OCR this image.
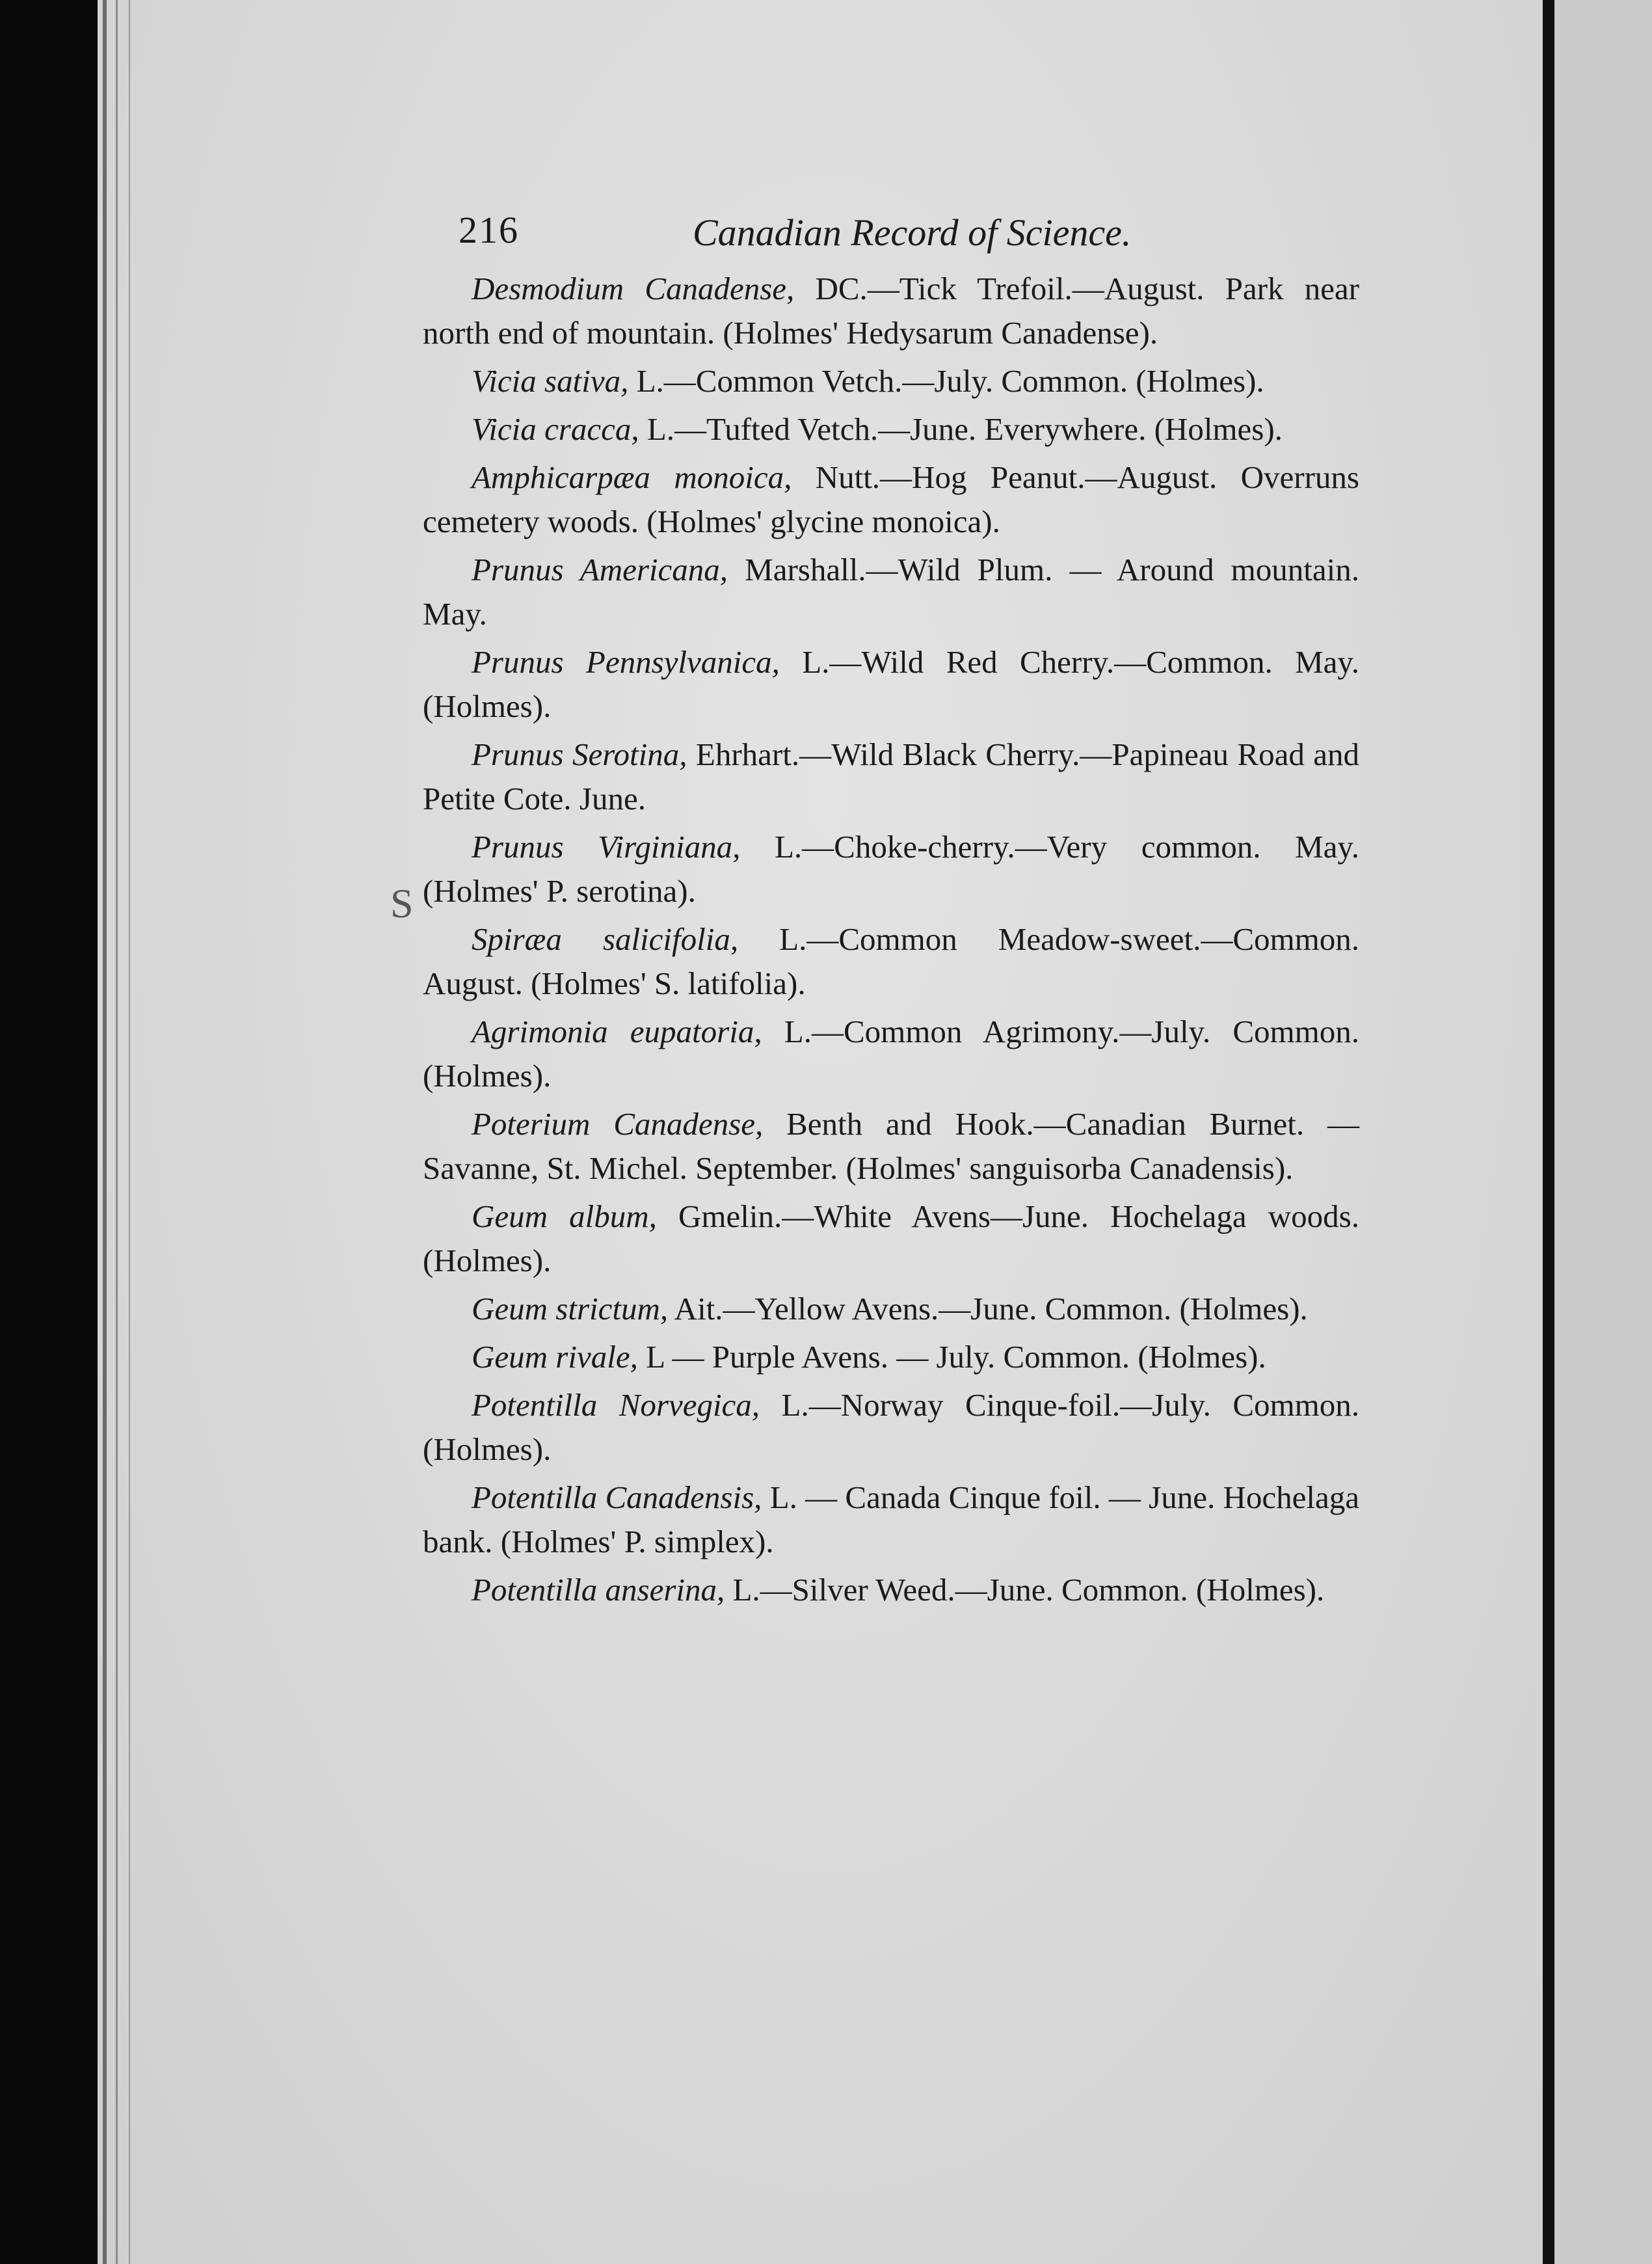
S
216	Canadian Record of Science.

Desmodium Canadense, DC.—Tick Trefoil.—August. Park near north end of mountain. (Holmes' Hedysarum Canadense).

Vicia sativa, L.—Common Vetch.—July. Common. (Holmes).

Vicia cracca, L.—Tufted Vetch.—June. Everywhere. (Holmes).

Amphicarpæa monoica, Nutt.—Hog Peanut.—August. Overruns cemetery woods. (Holmes' glycine monoica).

Prunus Americana, Marshall.—Wild Plum. — Around mountain. May.

Prunus Pennsylvanica, L.—Wild Red Cherry.—Common. May. (Holmes).

Prunus Serotina, Ehrhart.—Wild Black Cherry.—Papineau Road and Petite Cote. June.

Prunus Virginiana, L.—Choke-cherry.—Very common. May. (Holmes' P. serotina).

Spiræa salicifolia, L.—Common Meadow-sweet.—Common. August. (Holmes' S. latifolia).

Agrimonia eupatoria, L.—Common Agrimony.—July. Common. (Holmes).

Poterium Canadense, Benth and Hook.—Canadian Burnet. —Savanne, St. Michel. September. (Holmes' sanguisorba Canadensis).

Geum album, Gmelin.—White Avens—June. Hochelaga woods. (Holmes).

Geum strictum, Ait.—Yellow Avens.—June. Common. (Holmes).

Geum rivale, L — Purple Avens. — July. Common. (Holmes).

Potentilla Norvegica, L.—Norway Cinque-foil.—July. Common. (Holmes).

Potentilla Canadensis, L. — Canada Cinque foil. — June. Hochelaga bank. (Holmes' P. simplex).

Potentilla anserina, L.—Silver Weed.—June. Common. (Holmes).
